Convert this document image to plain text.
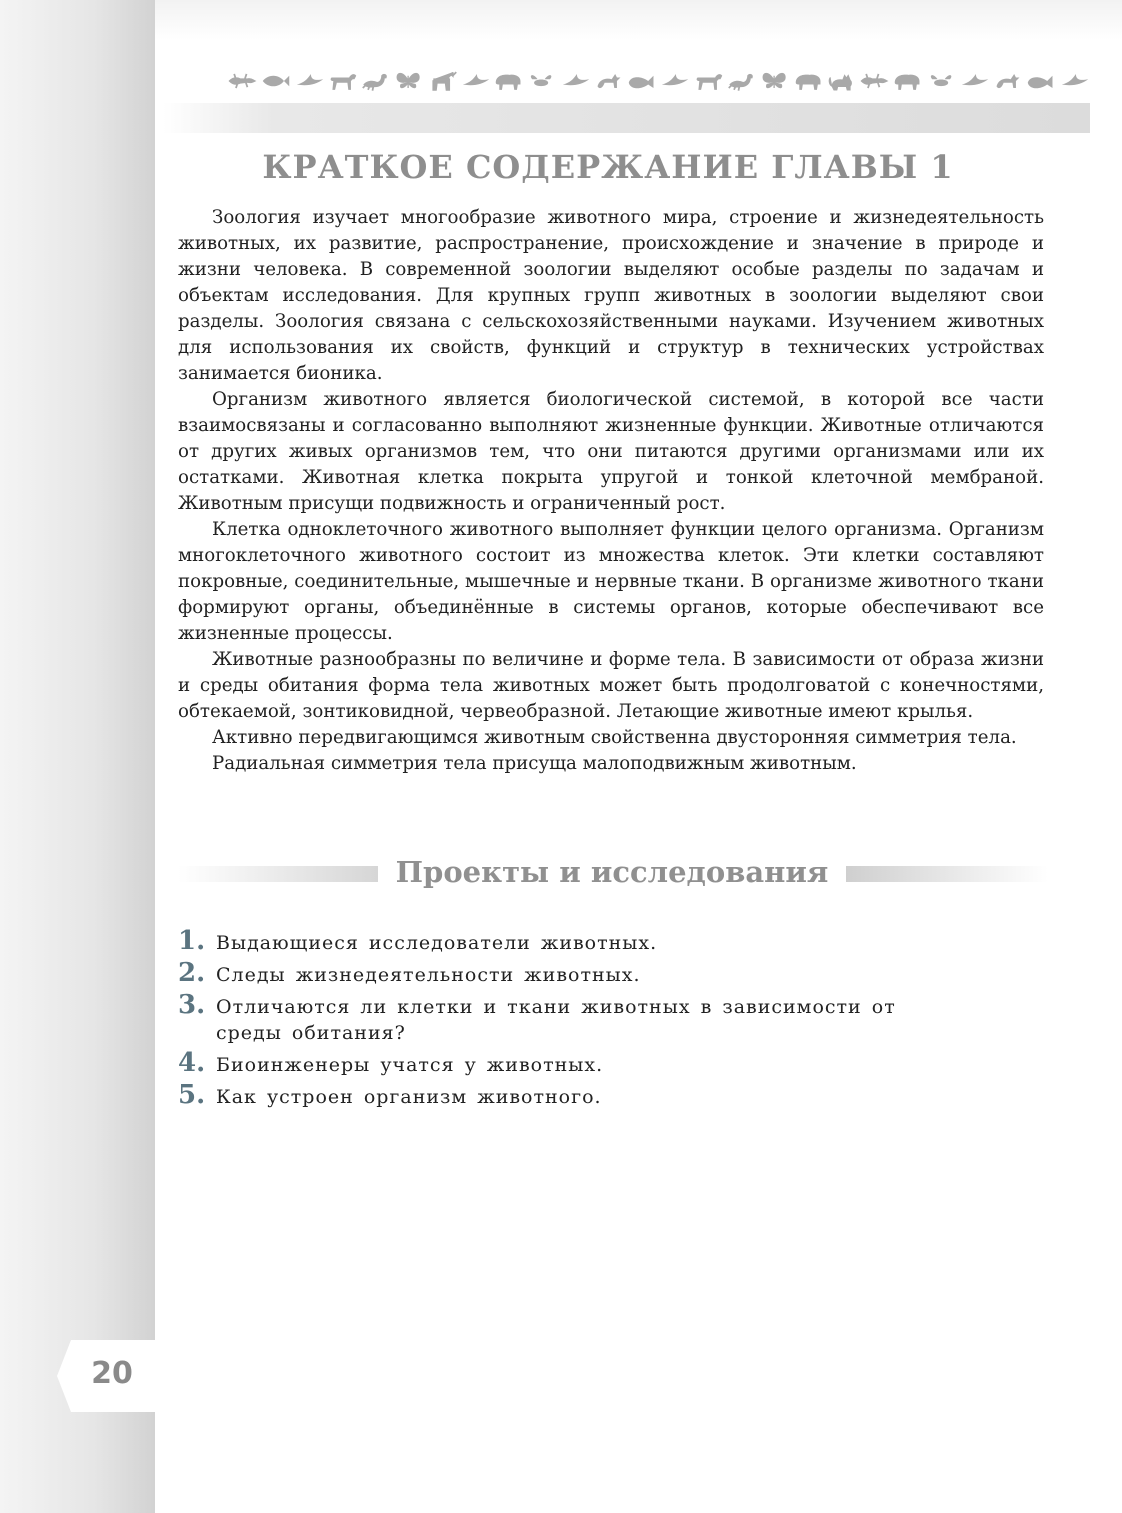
КРАТКОЕ СОДЕРЖАНИЕ ГЛАВЫ 1

Зоология изучает многообразие животного мира, строение и жизнедеятельность животных, их развитие, распространение, происхождение и значение в природе и жизни человека. В современной зоологии выделяют особые разделы по задачам и объектам исследования. Для крупных групп животных в зоологии выделяют свои разделы. Зоология связана с сельскохозяйственными науками. Изучением животных для использования их свойств, функций и структур в технических устройствах занимается бионика.

Организм животного является биологической системой, в которой все части взаимосвязаны и согласованно выполняют жизненные функции. Животные отличаются от других живых организмов тем, что они питаются другими организмами или их остатками. Животная клетка покрыта упругой и тонкой клеточной мембраной. Животным присущи подвижность и ограниченный рост.

Клетка одноклеточного животного выполняет функции целого организма. Организм многоклеточного животного состоит из множества клеток. Эти клетки составляют покровные, соединительные, мышечные и нервные ткани. В организме животного ткани формируют органы, объединённые в системы органов, которые обеспечивают все жизненные процессы.

Животные разнообразны по величине и форме тела. В зависимости от образа жизни и среды обитания форма тела животных может быть продолговатой с конечностями, обтекаемой, зонтиковидной, червеобразной. Летающие животные имеют крылья.

Активно передвигающимся животным свойственна двусторонняя симметрия тела.

Радиальная симметрия тела присуща малоподвижным животным.

Проекты и исследования
1. Выдающиеся исследователи животных.
2. Следы жизнедеятельности животных.
3. Отличаются ли клетки и ткани животных в зависимости от среды обитания?
4. Биоинженеры учатся у животных.
5. Как устроен организм животного.
20
